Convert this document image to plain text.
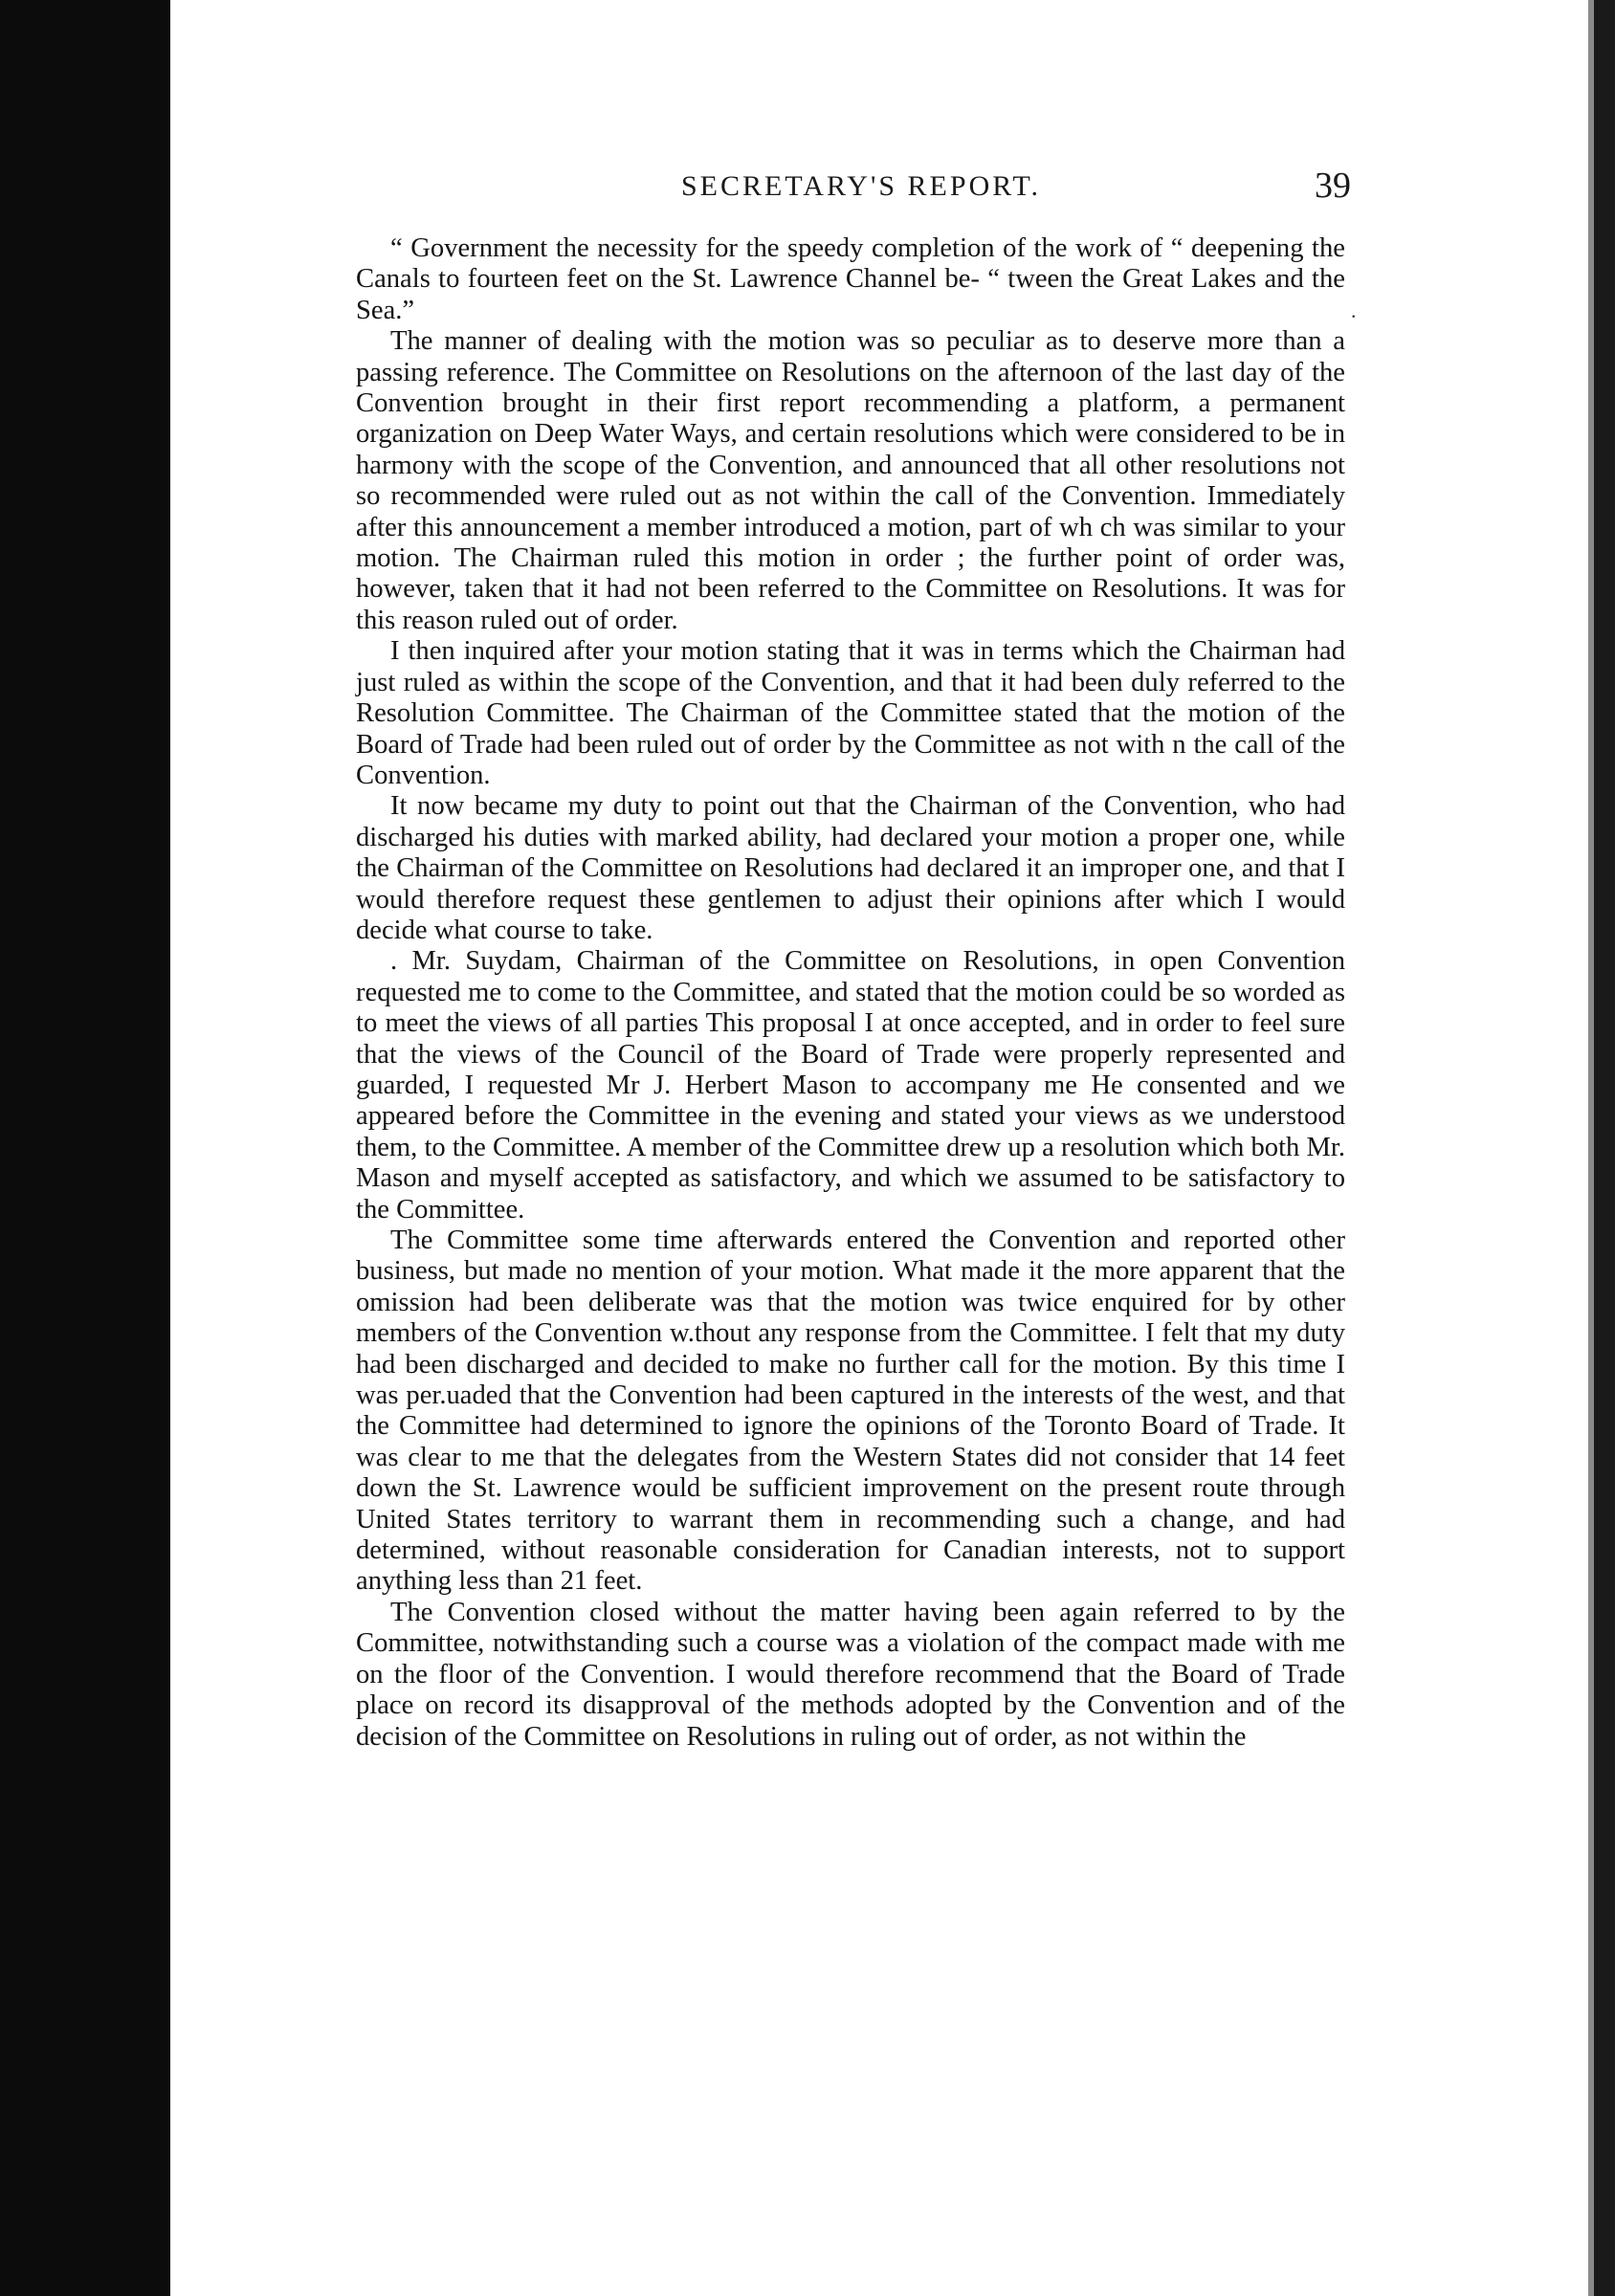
SECRETARY'S REPORT.	39
.

“ Government the necessity for the speedy completion of the work of “ deepening the Canals to fourteen feet on the St. Lawrence Channel be- “ tween the Great Lakes and the Sea.”

The manner of dealing with the motion was so peculiar as to deserve more than a passing reference. The Committee on Resolutions on the afternoon of the last day of the Convention brought in their first report recommending a platform, a permanent organization on Deep Water Ways, and certain resolutions which were considered to be in harmony with the scope of the Convention, and announced that all other resolutions not so recommended were ruled out as not within the call of the Convention. Immediately after this announcement a member introduced a motion, part of wh ch was similar to your motion. The Chairman ruled this motion in order ; the further point of order was, however, taken that it had not been referred to the Committee on Resolutions. It was for this reason ruled out of order.

I then inquired after your motion stating that it was in terms which the Chairman had just ruled as within the scope of the Convention, and that it had been duly referred to the Resolution Committee. The Chairman of the Committee stated that the motion of the Board of Trade had been ruled out of order by the Committee as not with n the call of the Convention.

It now became my duty to point out that the Chairman of the Convention, who had discharged his duties with marked ability, had declared your motion a proper one, while the Chairman of the Committee on Resolutions had declared it an improper one, and that I would therefore request these gentlemen to adjust their opinions after which I would decide what course to take.

. Mr. Suydam, Chairman of the Committee on Resolutions, in open Convention requested me to come to the Committee, and stated that the motion could be so worded as to meet the views of all parties This proposal I at once accepted, and in order to feel sure that the views of the Council of the Board of Trade were properly represented and guarded, I requested Mr J. Herbert Mason to accompany me He consented and we appeared before the Committee in the evening and stated your views as we understood them, to the Committee. A member of the Committee drew up a resolution which both Mr. Mason and myself accepted as satisfactory, and which we assumed to be satisfactory to the Committee.

The Committee some time afterwards entered the Convention and reported other business, but made no mention of your motion. What made it the more apparent that the omission had been deliberate was that the motion was twice enquired for by other members of the Convention w.thout any response from the Committee. I felt that my duty had been discharged and decided to make no further call for the motion. By this time I was per.uaded that the Convention had been captured in the interests of the west, and that the Committee had determined to ignore the opinions of the Toronto Board of Trade. It was clear to me that the delegates from the Western States did not consider that 14 feet down the St. Lawrence would be sufficient improvement on the present route through United States territory to warrant them in recommending such a change, and had determined, without reasonable consideration for Canadian interests, not to support anything less than 21 feet.

The Convention closed without the matter having been again referred to by the Committee, notwithstanding such a course was a violation of the compact made with me on the floor of the Convention. I would therefore recommend that the Board of Trade place on record its disapproval of the methods adopted by the Convention and of the decision of the Committee on Resolutions in ruling out of order, as not within the
